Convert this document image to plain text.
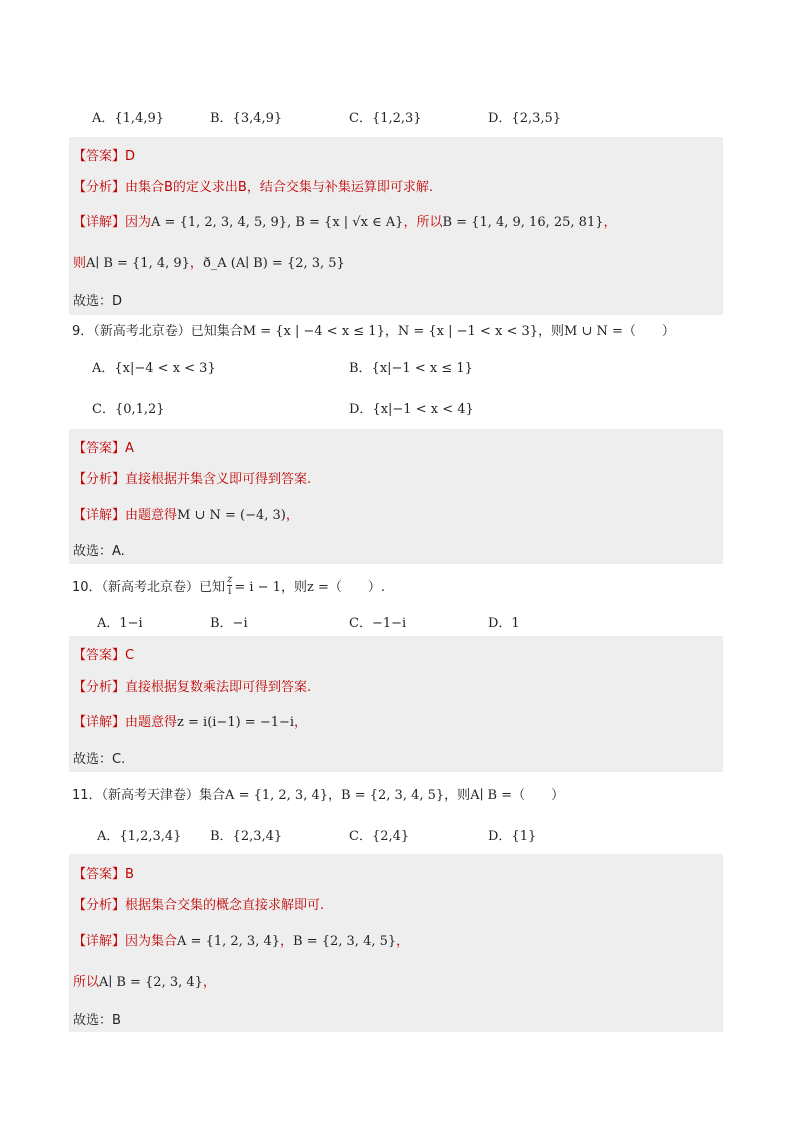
A．{1,4,9}	B．{3,4,9}	C．{1,2,3}	D．{2,3,5}
【答案】D
【分析】由集合B的定义求出B，结合交集与补集运算即可求解.
【详解】因为A = {1, 2, 3, 4, 5, 9}, B = {x | √x ∈ A}，所以B = {1, 4, 9, 16, 25, 81}，
则A∣ B = {1, 4, 9}，ð_A (A∣ B) = {2, 3, 5}
故选：D
9．（新高考北京卷）已知集合M = {x | −4 < x ≤ 1}，N = {x | −1 < x < 3}，则M ∪ N =（　　）
A．{x|−4 < x < 3}	B．{x|−1 < x ≤ 1}
C．{0,1,2}	D．{x|−1 < x < 4}
【答案】A
【分析】直接根据并集含义即可得到答案.
【详解】由题意得M ∪ N = (−4, 3)，
故选：A.
10．（新高考北京卷）已知 $\frac{z}{i} = i - 1$，则z =（　　）.
A．1−i	B．−i	C．−1−i	D．1
【答案】C
【分析】直接根据复数乘法即可得到答案.
【详解】由题意得z = i(i−1) = −1−i，
故选：C.
11．（新高考天津卷）集合A = {1, 2, 3, 4}，B = {2, 3, 4, 5}，则A∣ B =（　　）
A．{1,2,3,4} B．{2,3,4}	C．{2,4}	D．{1}
【答案】B
【分析】根据集合交集的概念直接求解即可.
【详解】因为集合A = {1, 2, 3, 4}，B = {2, 3, 4, 5}，
所以A∣ B = {2, 3, 4}，
故选：B
